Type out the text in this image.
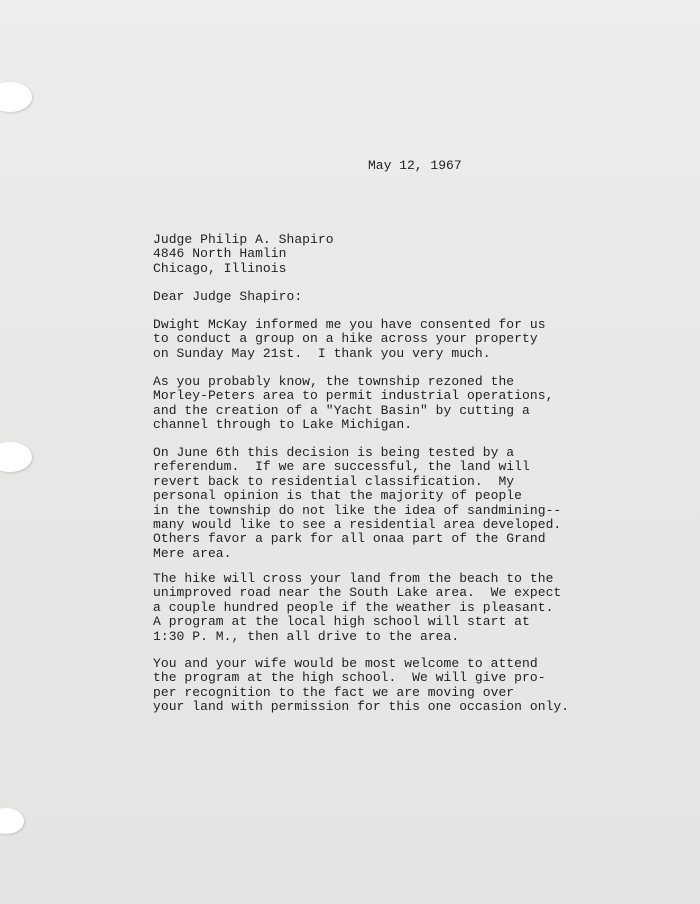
May 12, 1967
Judge Philip A. Shapiro
4846 North Hamlin
Chicago, Illinois
Dear Judge Shapiro:
Dwight McKay informed me you have consented for us
to conduct a group on a hike across your property
on Sunday May 21st.  I thank you very much.
As you probably know, the township rezoned the
Morley-Peters area to permit industrial operations,
and the creation of a "Yacht Basin" by cutting a
channel through to Lake Michigan.
On June 6th this decision is being tested by a
referendum.  If we are successful, the land will
revert back to residential classification.  My
personal opinion is that the majority of people
in the township do not like the idea of sandmining--
many would like to see a residential area developed.
Others favor a park for all onaa part of the Grand
Mere area.
The hike will cross your land from the beach to the
unimproved road near the South Lake area.  We expect
a couple hundred people if the weather is pleasant.
A program at the local high school will start at
1:30 P. M., then all drive to the area.
You and your wife would be most welcome to attend
the program at the high school.  We will give pro-
per recognition to the fact we are moving over
your land with permission for this one occasion only.
